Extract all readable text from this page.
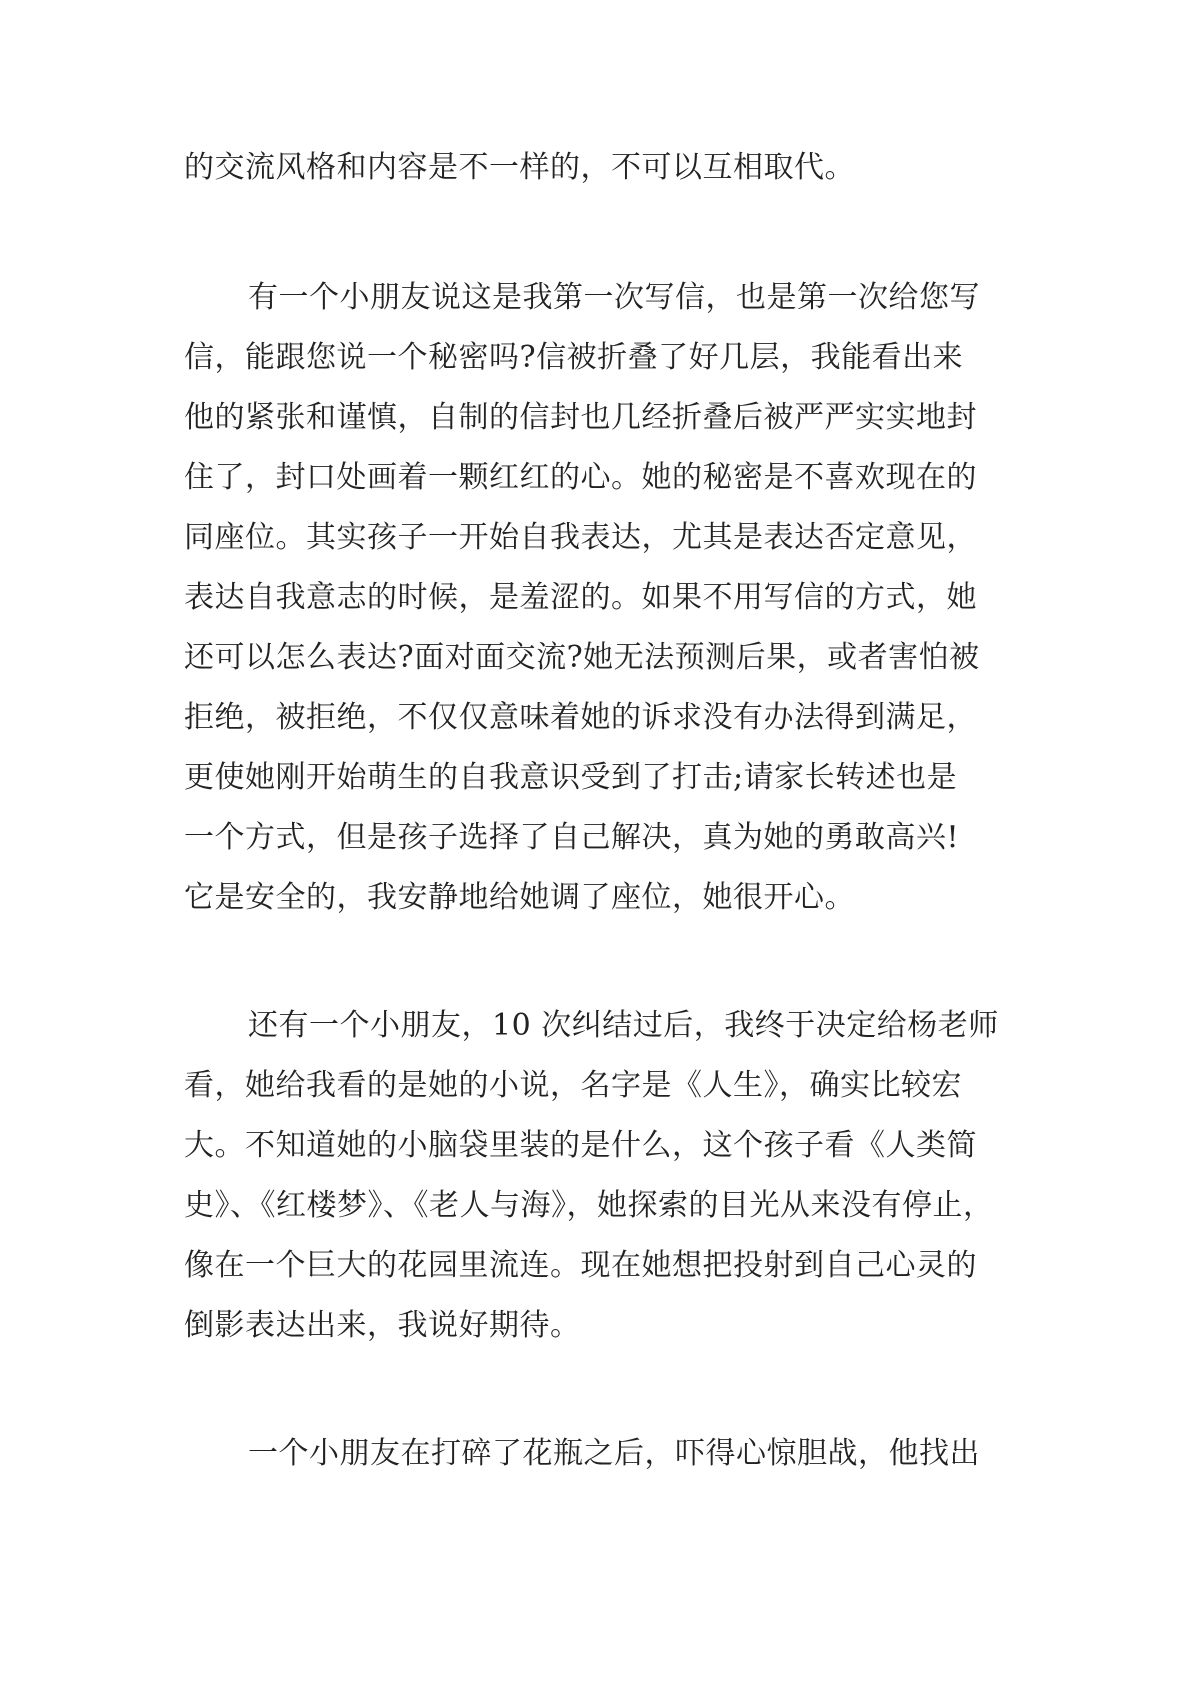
的交流风格和内容是不一样的，不可以互相取代。

有一个小朋友说这是我第一次写信，也是第一次给您写

信，能跟您说一个秘密吗?信被折叠了好几层，我能看出来

他的紧张和谨慎，自制的信封也几经折叠后被严严实实地封

住了，封口处画着一颗红红的心。她的秘密是不喜欢现在的

同座位。其实孩子一开始自我表达，尤其是表达否定意见，

表达自我意志的时候，是羞涩的。如果不用写信的方式，她

还可以怎么表达?面对面交流?她无法预测后果，或者害怕被

拒绝，被拒绝，不仅仅意味着她的诉求没有办法得到满足，

更使她刚开始萌生的自我意识受到了打击;请家长转述也是

一个方式，但是孩子选择了自己解决，真为她的勇敢高兴!

它是安全的，我安静地给她调了座位，她很开心。

还有一个小朋友，10 次纠结过后，我终于决定给杨老师

看，她给我看的是她的小说，名字是《人生》，确实比较宏

大。不知道她的小脑袋里装的是什么，这个孩子看《人类简

史》、《红楼梦》、《老人与海》，她探索的目光从来没有停止，

像在一个巨大的花园里流连。现在她想把投射到自己心灵的

倒影表达出来，我说好期待。

一个小朋友在打碎了花瓶之后，吓得心惊胆战，他找出
